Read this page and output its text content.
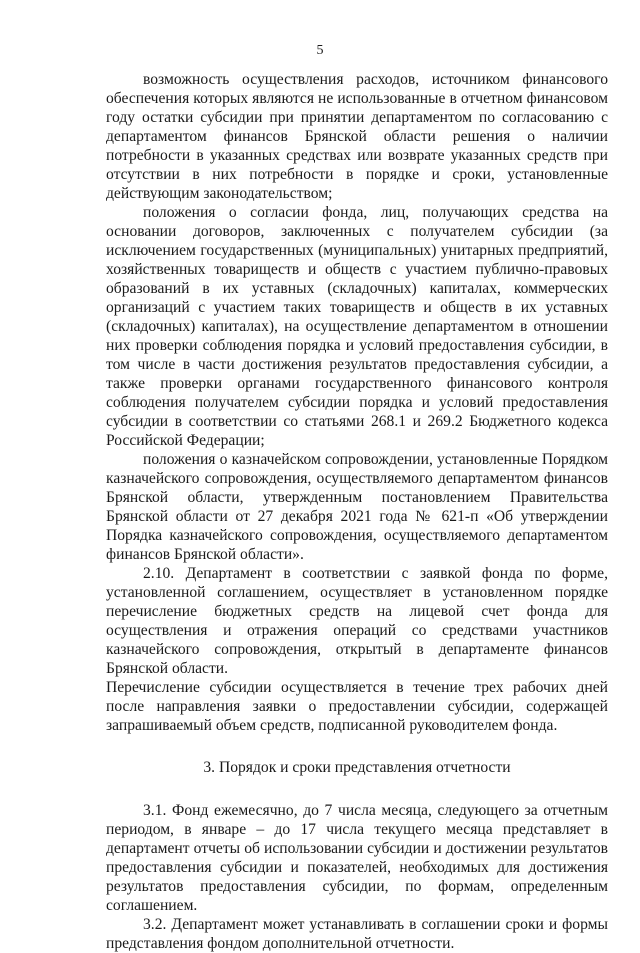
5

возможность осуществления расходов, источником финансового обеспечения которых являются не использованные в отчетном финансовом году остатки субсидии при принятии департаментом по согласованию с департаментом финансов Брянской области решения о наличии потребности в указанных средствах или возврате указанных средств при отсутствии в них потребности в порядке и сроки, установленные действующим законодательством;

положения о согласии фонда, лиц, получающих средства на основании договоров, заключенных с получателем субсидии (за исключением государственных (муниципальных) унитарных предприятий, хозяйственных товариществ и обществ с участием публично-правовых образований в их уставных (складочных) капиталах, коммерческих организаций с участием таких товариществ и обществ в их уставных (складочных) капиталах), на осуществление департаментом в отношении них проверки соблюдения порядка и условий предоставления субсидии, в том числе в части достижения результатов предоставления субсидии, а также проверки органами государственного финансового контроля соблюдения получателем субсидии порядка и условий предоставления субсидии в соответствии со статьями 268.1 и 269.2 Бюджетного кодекса Российской Федерации;

положения о казначейском сопровождении, установленные Порядком казначейского сопровождения, осуществляемого департаментом финансов Брянской области, утвержденным постановлением Правительства Брянской области от 27 декабря 2021 года № 621-п «Об утверждении Порядка казначейского сопровождения, осуществляемого департаментом финансов Брянской области».

2.10. Департамент в соответствии с заявкой фонда по форме, установленной соглашением, осуществляет в установленном порядке перечисление бюджетных средств на лицевой счет фонда для осуществления и отражения операций со средствами участников казначейского сопровождения, открытый в департаменте финансов Брянской области.

Перечисление субсидии осуществляется в течение трех рабочих дней после направления заявки о предоставлении субсидии, содержащей запрашиваемый объем средств, подписанной руководителем фонда.

3. Порядок и сроки представления отчетности

3.1. Фонд ежемесячно, до 7 числа месяца, следующего за отчетным периодом, в январе – до 17 числа текущего месяца представляет в департамент отчеты об использовании субсидии и достижении результатов предоставления субсидии и показателей, необходимых для достижения результатов предоставления субсидии, по формам, определенным соглашением.

3.2. Департамент может устанавливать в соглашении сроки и формы представления фондом дополнительной отчетности.
